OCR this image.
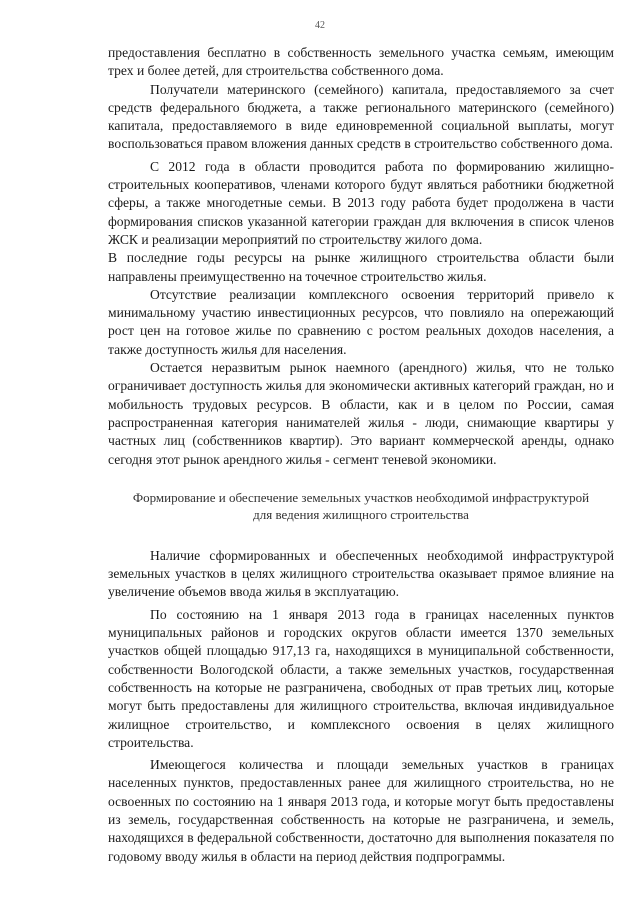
42

предоставления бесплатно в собственность земельного участка семьям, имеющим трех и более детей, для строительства собственного дома.

Получатели материнского (семейного) капитала, предоставляемого за счет средств федерального бюджета, а также регионального материнского (семейного) капитала, предоставляемого в виде единовременной социальной выплаты, могут воспользоваться правом вложения данных средств в строительство собственного дома.

С 2012 года в области проводится работа по формированию жилищно-строительных кооперативов, членами которого будут являться работники бюджетной сферы, а также многодетные семьи. В 2013 году работа будет продолжена в части формирования списков указанной категории граждан для включения в список членов ЖСК и реализации мероприятий по строительству жилого дома.

В последние годы ресурсы на рынке жилищного строительства области были направлены преимущественно на точечное строительство жилья.

Отсутствие реализации комплексного освоения территорий привело к минимальному участию инвестиционных ресурсов, что повлияло на опережающий рост цен на готовое жилье по сравнению с ростом реальных доходов населения, а также доступность жилья для населения.

Остается неразвитым рынок наемного (арендного) жилья, что не только ограничивает доступность жилья для экономически активных категорий граждан, но и мобильность трудовых ресурсов. В области, как и в целом по России, самая распространенная категория нанимателей жилья - люди, снимающие квартиры у частных лиц (собственников квартир). Это вариант коммерческой аренды, однако сегодня этот рынок арендного жилья - сегмент теневой экономики.

Формирование и обеспечение земельных участков необходимой инфраструктурой для ведения жилищного строительства

Наличие сформированных и обеспеченных необходимой инфраструктурой земельных участков в целях жилищного строительства оказывает прямое влияние на увеличение объемов ввода жилья в эксплуатацию.

По состоянию на 1 января 2013 года в границах населенных пунктов муниципальных районов и городских округов области имеется 1370 земельных участков общей площадью 917,13 га, находящихся в муниципальной собственности, собственности Вологодской области, а также земельных участков, государственная собственность на которые не разграничена, свободных от прав третьих лиц, которые могут быть предоставлены для жилищного строительства, включая индивидуальное жилищное строительство, и комплексного освоения в целях жилищного строительства.

Имеющегося количества и площади земельных участков в границах населенных пунктов, предоставленных ранее для жилищного строительства, но не освоенных по состоянию на 1 января 2013 года, и которые могут быть предоставлены из земель, государственная собственность на которые не разграничена, и земель, находящихся в федеральной собственности, достаточно для выполнения показателя по годовому вводу жилья в области на период действия подпрограммы.
